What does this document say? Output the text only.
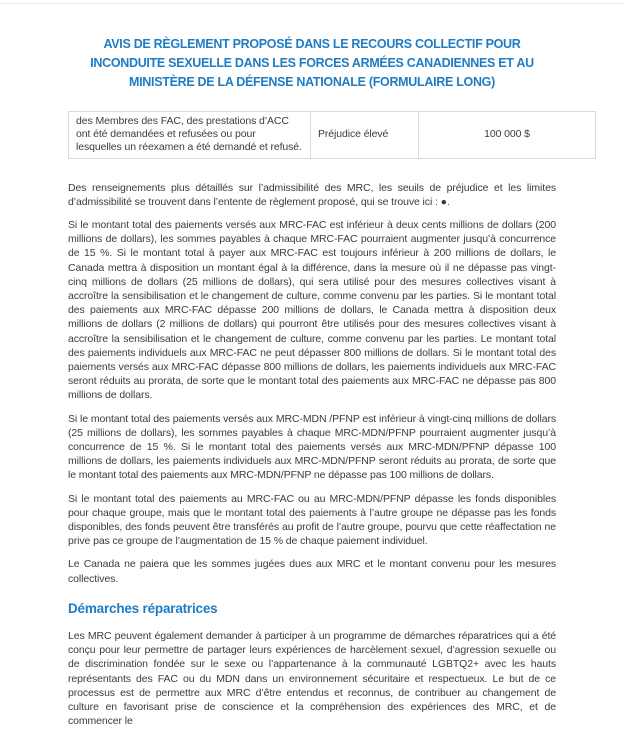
AVIS DE RÈGLEMENT PROPOSÉ DANS LE RECOURS COLLECTIF POUR
INCONDUITE SEXUELLE DANS LES FORCES ARMÉES CANADIENNES ET AU
MINISTÈRE DE LA DÉFENSE NATIONALE (FORMULAIRE LONG)
des Membres des FAC, des prestations d’ACC ont été demandées et refusées ou pour lesquelles un réexamen a été demandé et refusé.	Préjudice élevé	100 000 $

Des renseignements plus détaillés sur l’admissibilité des MRC, les seuils de préjudice et les limites d’admissibilité se trouvent dans l’entente de règlement proposé, qui se trouve ici : ●.

Si le montant total des paiements versés aux MRC-FAC est inférieur à deux cents millions de dollars (200 millions de dollars), les sommes payables à chaque MRC-FAC pourraient augmenter jusqu’à concurrence de 15 %. Si le montant total à payer aux MRC-FAC est toujours inférieur à 200 millions de dollars, le Canada mettra à disposition un montant égal à la différence, dans la mesure où il ne dépasse pas vingt-cinq millions de dollars (25 millions de dollars), qui sera utilisé pour des mesures collectives visant à accroître la sensibilisation et le changement de culture, comme convenu par les parties. Si le montant total des paiements aux MRC-FAC dépasse 200 millions de dollars, le Canada mettra à disposition deux millions de dollars (2 millions de dollars) qui pourront être utilisés pour des mesures collectives visant à accroître la sensibilisation et le changement de culture, comme convenu par les parties. Le montant total des paiements individuels aux MRC-FAC ne peut dépasser 800 millions de dollars. Si le montant total des paiements versés aux MRC-FAC dépasse 800 millions de dollars, les paiements individuels aux MRC-FAC seront réduits au prorata, de sorte que le montant total des paiements aux MRC-FAC ne dépasse pas 800 millions de dollars.

Si le montant total des paiements versés aux MRC-MDN /PFNP est inférieur à vingt-cinq millions de dollars (25 millions de dollars), les sommes payables à chaque MRC-MDN/PFNP pourraient augmenter jusqu’à concurrence de 15 %. Si le montant total des paiements versés aux MRC-MDN/PFNP dépasse 100 millions de dollars, les paiements individuels aux MRC-MDN/PFNP seront réduits au prorata, de sorte que le montant total des paiements aux MRC-MDN/PFNP ne dépasse pas 100 millions de dollars.

Si le montant total des paiements au MRC-FAC ou au MRC-MDN/PFNP dépasse les fonds disponibles pour chaque groupe, mais que le montant total des paiements à l’autre groupe ne dépasse pas les fonds disponibles, des fonds peuvent être transférés au profit de l’autre groupe, pourvu que cette réaffectation ne prive pas ce groupe de l’augmentation de 15 % de chaque paiement individuel.

Le Canada ne paiera que les sommes jugées dues aux MRC et le montant convenu pour les mesures collectives.

Démarches réparatrices

Les MRC peuvent également demander à participer à un programme de démarches réparatrices qui a été conçu pour leur permettre de partager leurs expériences de harcèlement sexuel, d’agression sexuelle ou de discrimination fondée sur le sexe ou l’appartenance à la communauté LGBTQ2+ avec les hauts représentants des FAC ou du MDN dans un environnement sécuritaire et respectueux. Le but de ce processus est de permettre aux MRC d’être entendus et reconnus, de contribuer au changement de culture en favorisant prise de conscience et la compréhension des expériences des MRC, et de commencer le
